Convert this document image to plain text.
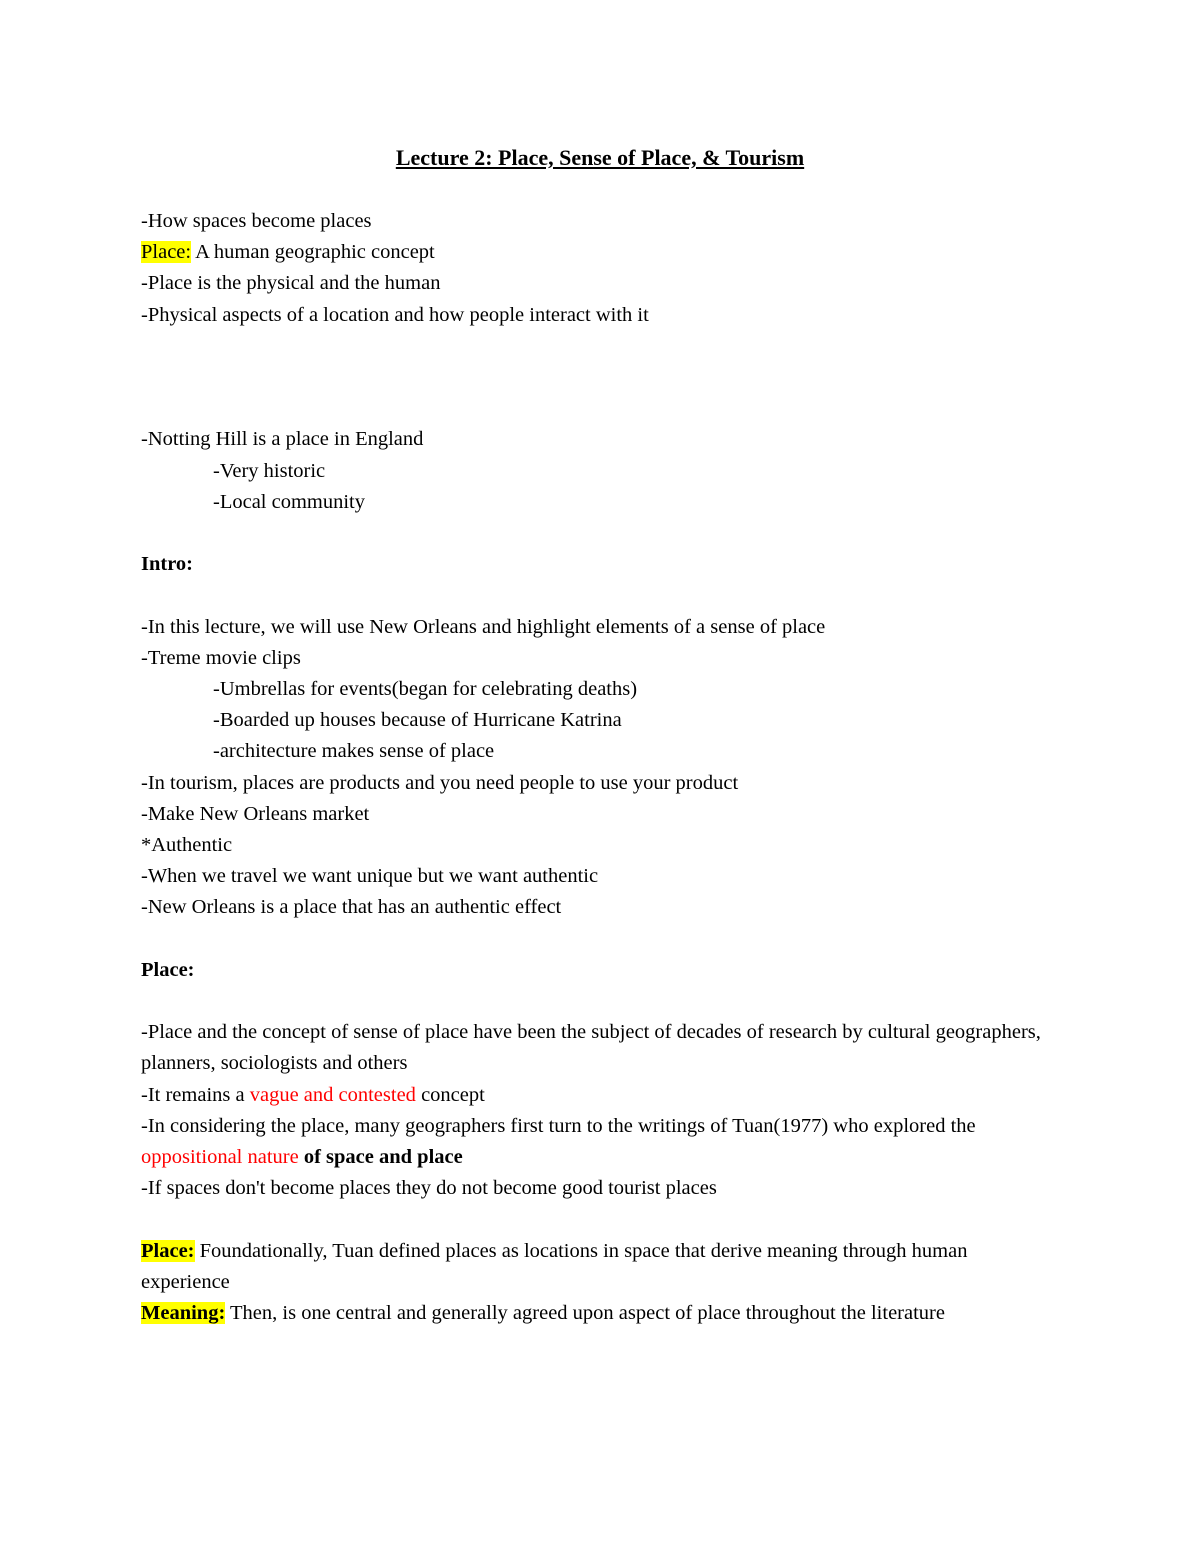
Lecture 2: Place, Sense of Place, & Tourism
-How spaces become places
Place: A human geographic concept
-Place is the physical and the human
-Physical aspects of a location and how people interact with it
-Notting Hill is a place in England
-Very historic
-Local community
Intro:
-In this lecture, we will use New Orleans and highlight elements of a sense of place
-Treme movie clips
-Umbrellas for events(began for celebrating deaths)
-Boarded up houses because of Hurricane Katrina
-architecture makes sense of place
-In tourism, places are products and you need people to use your product
-Make New Orleans market
*Authentic
-When we travel we want unique but we want authentic
-New Orleans is a place that has an authentic effect
Place:
-Place and the concept of sense of place have been the subject of decades of research by cultural geographers, planners, sociologists and others
-It remains a vague and contested concept
-In considering the place, many geographers first turn to the writings of Tuan(1977) who explored the oppositional nature of space and place
-If spaces don't become places they do not become good tourist places
Place: Foundationally, Tuan defined places as locations in space that derive meaning through human experience
Meaning: Then, is one central and generally agreed upon aspect of place throughout the literature
